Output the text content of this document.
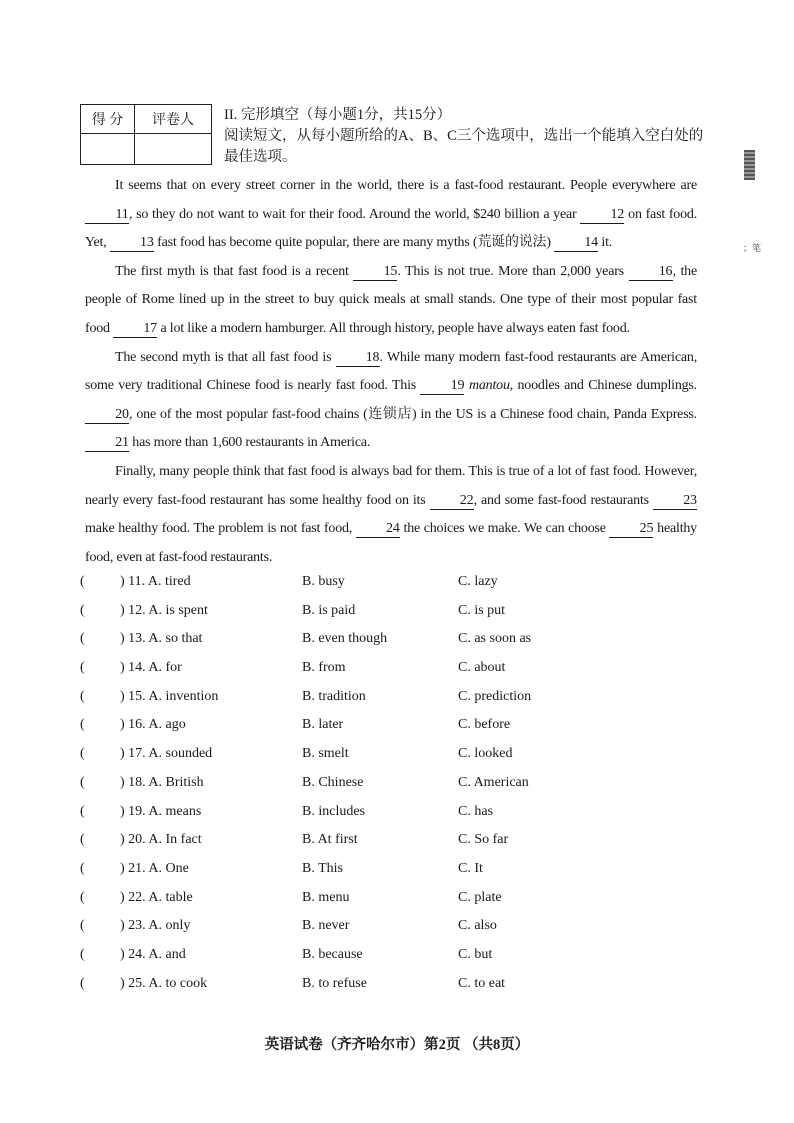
得 分	评卷人
	II. 完形填空（每小题1分，共15分）
阅读短文，从每小题所给的A、B、C三个选项中，选出一个能填入空白处的最佳选项。
；笔

It seems that on every street corner in the world, there is a fast-food restaurant. People everywhere are 11, so they do not want to wait for their food. Around the world, $240 billion a year 12 on fast food. Yet, 13 fast food has become quite popular, there are many myths (荒诞的说法) 14 it.

The first myth is that fast food is a recent 15. This is not true. More than 2,000 years 16, the people of Rome lined up in the street to buy quick meals at small stands. One type of their most popular fast food 17 a lot like a modern hamburger. All through history, people have always eaten fast food.

The second myth is that all fast food is 18. While many modern fast-food restaurants are American, some very traditional Chinese food is nearly fast food. This 19 mantou, noodles and Chinese dumplings. 20, one of the most popular fast-food chains (连锁店) in the US is a Chinese food chain, Panda Express. 21 has more than 1,600 restaurants in America.

Finally, many people think that fast food is always bad for them. This is true of a lot of fast food. However, nearly every fast-food restaurant has some healthy food on its 22, and some fast-food restaurants 23 make healthy food. The problem is not fast food, 24 the choices we make. We can choose 25 healthy food, even at fast-food restaurants.

(	) 11. A. tired	B. busy	C. lazy
(	) 12. A. is spent	B. is paid	C. is put
(	) 13. A. so that	B. even though	C. as soon as
(	) 14. A. for	B. from	C. about
(	) 15. A. invention	B. tradition	C. prediction
(	) 16. A. ago	B. later	C. before
(	) 17. A. sounded	B. smelt	C. looked
(	) 18. A. British	B. Chinese	C. American
(	) 19. A. means	B. includes	C. has
(	) 20. A. In fact	B. At first	C. So far
(	) 21. A. One	B. This	C. It
(	) 22. A. table	B. menu	C. plate
(	) 23. A. only	B. never	C. also
(	) 24. A. and	B. because	C. but
(	) 25. A. to cook	B. to refuse	C. to eat
英语试卷（齐齐哈尔市）第2页 （共8页）
